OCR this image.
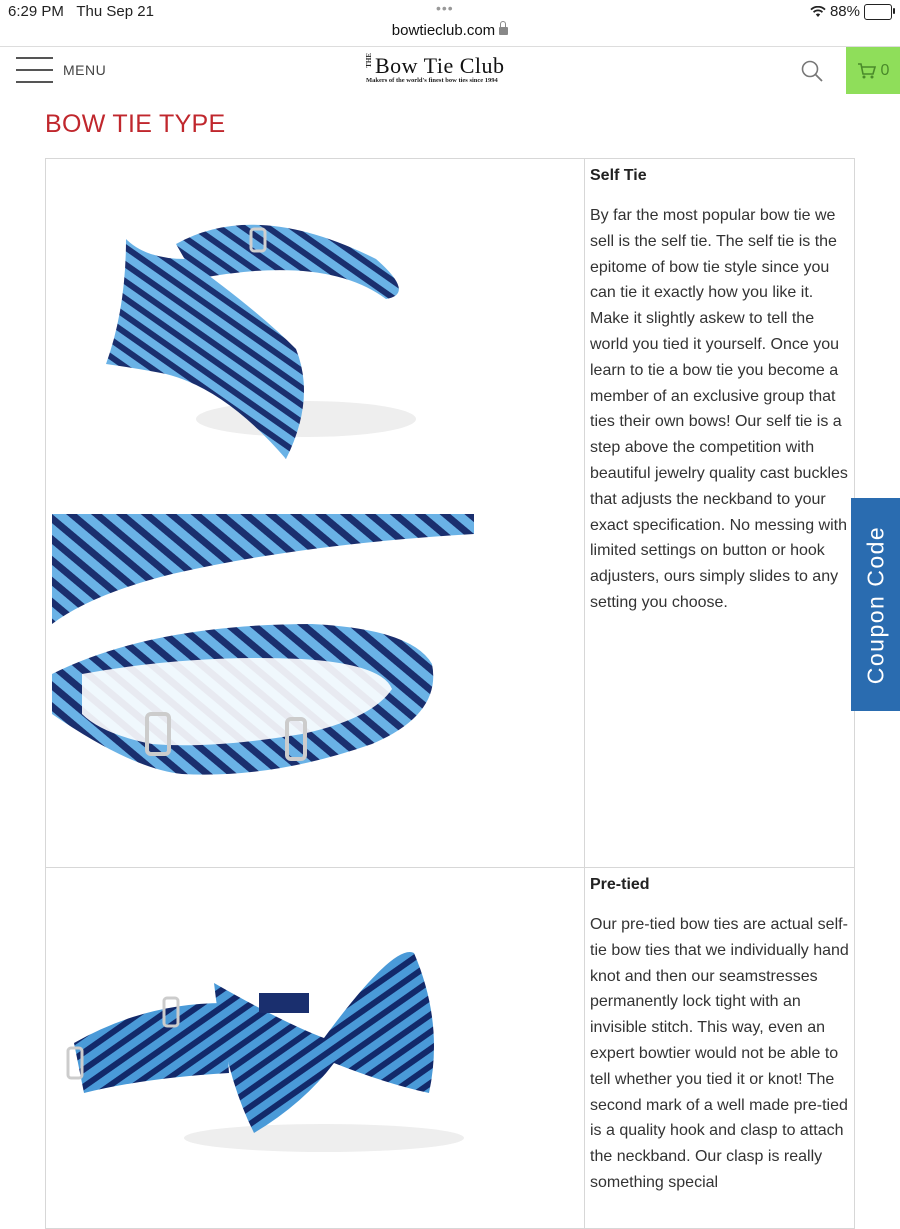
6:29 PM Thu Sep 21	•••	88%
bowtieclub.com
MENU
THEBow Tie Club
Makers of the world's finest bow ties since 1994
0
BOW TIE TYPE
Self Tie

By far the most popular bow tie we sell is the self tie. The self tie is the epitome of bow tie style since you can tie it exactly how you like it. Make it slightly askew to tell the world you tied it yourself. Once you learn to tie a bow tie you become a member of an exclusive group that ties their own bows! Our self tie is a step above the competition with beautiful jewelry quality cast buckles that adjusts the neckband to your exact specification. No messing with limited settings on button or hook adjusters, ours simply slides to any setting you choose.

Pre-tied

Our pre-tied bow ties are actual self-tie bow ties that we individually hand knot and then our seamstresses permanently lock tight with an invisible stitch. This way, even an expert bowtier would not be able to tell whether you tied it or knot! The second mark of a well made pre-tied is a quality hook and clasp to attach the neckband. Our clasp is really something special

Coupon Code
